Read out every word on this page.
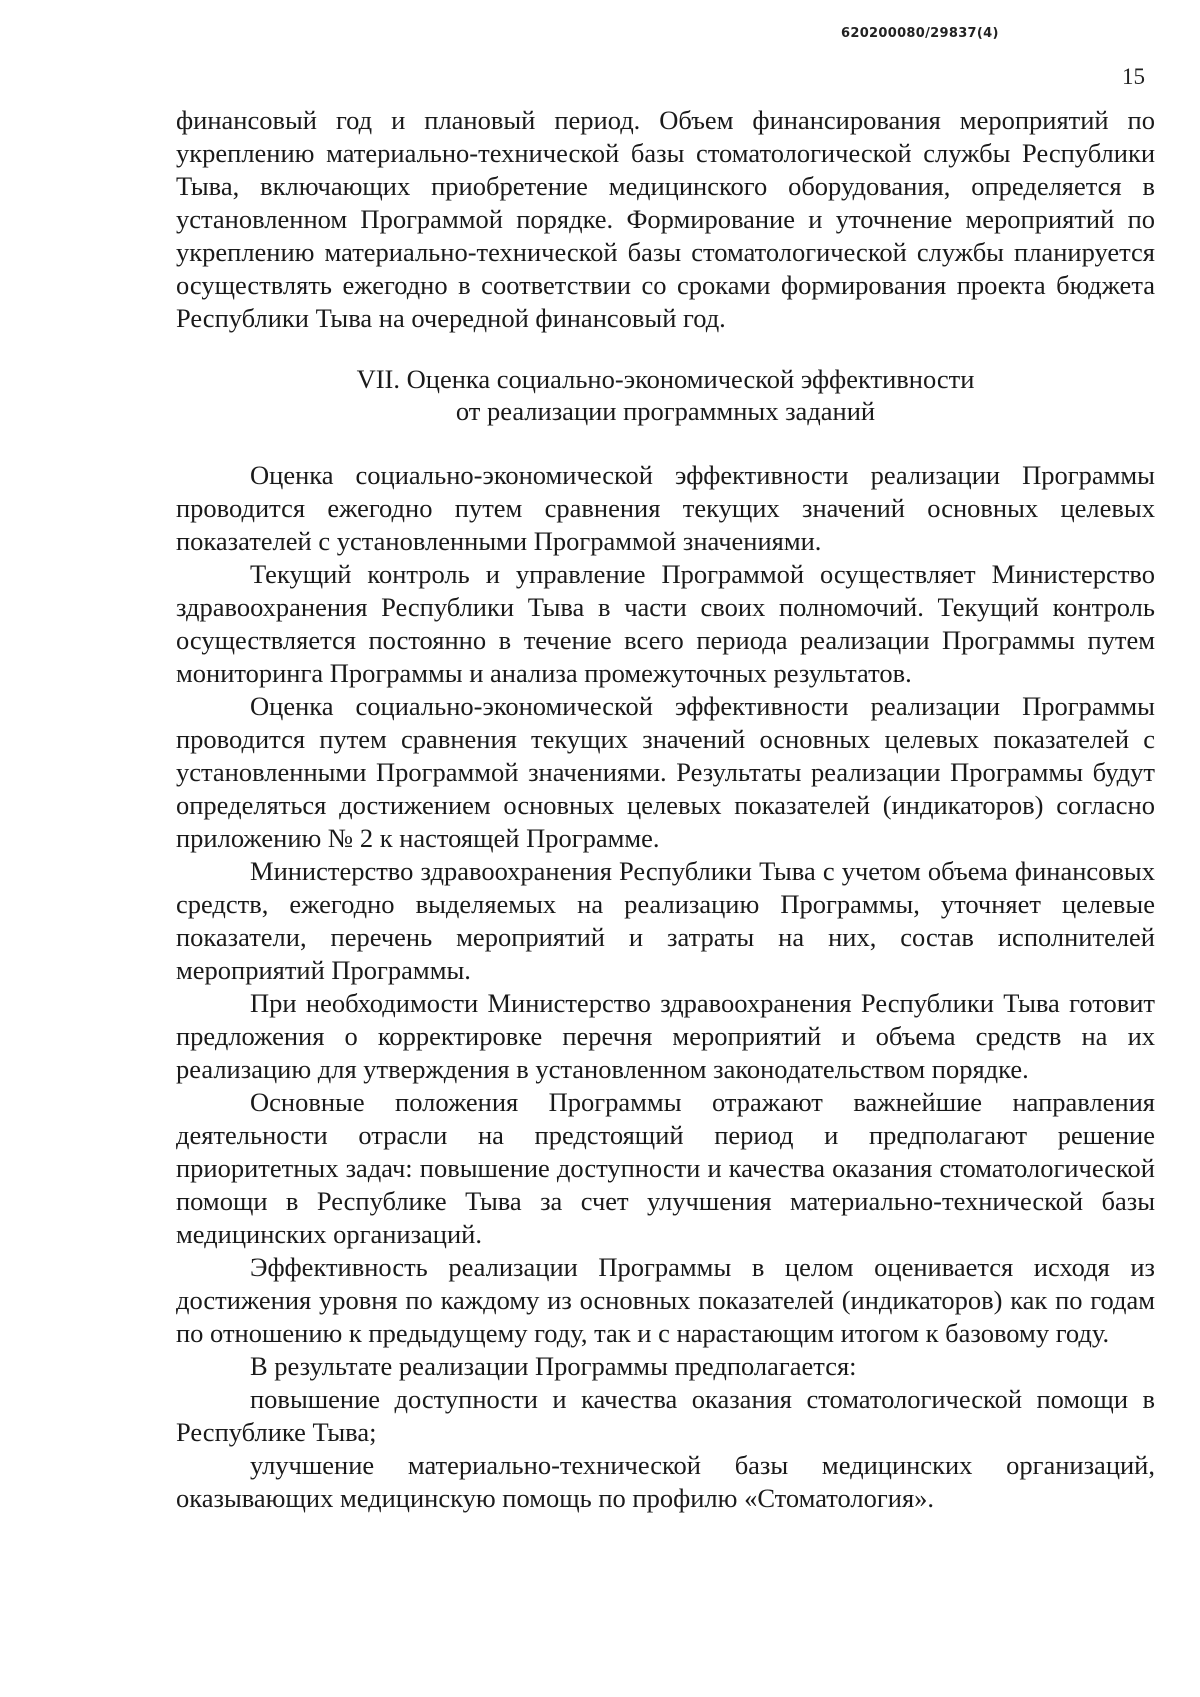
620200080/29837(4)
15

финансовый год и плановый период. Объем финансирования мероприятий по укреплению материально-технической базы стоматологической службы Республики Тыва, включающих приобретение медицинского оборудования, определяется в установленном Программой порядке. Формирование и уточнение мероприятий по укреплению материально-технической базы стоматологической службы планируется осуществлять ежегодно в соответствии со сроками формирования проекта бюджета Республики Тыва на очередной финансовый год.

VII. Оценка социально-экономической эффективности
от реализации программных заданий

Оценка социально-экономической эффективности реализации Программы проводится ежегодно путем сравнения текущих значений основных целевых показателей с установленными Программой значениями.

Текущий контроль и управление Программой осуществляет Министерство здравоохранения Республики Тыва в части своих полномочий. Текущий контроль осуществляется постоянно в течение всего периода реализации Программы путем мониторинга Программы и анализа промежуточных результатов.

Оценка социально-экономической эффективности реализации Программы проводится путем сравнения текущих значений основных целевых показателей с установленными Программой значениями. Результаты реализации Программы будут определяться достижением основных целевых показателей (индикаторов) согласно приложению № 2 к настоящей Программе.

Министерство здравоохранения Республики Тыва с учетом объема финансовых средств, ежегодно выделяемых на реализацию Программы, уточняет целевые показатели, перечень мероприятий и затраты на них, состав исполнителей мероприятий Программы.

При необходимости Министерство здравоохранения Республики Тыва готовит предложения о корректировке перечня мероприятий и объема средств на их реализацию для утверждения в установленном законодательством порядке.

Основные положения Программы отражают важнейшие направления деятельности отрасли на предстоящий период и предполагают решение приоритетных задач: повышение доступности и качества оказания стоматологической помощи в Республике Тыва за счет улучшения материально-технической базы медицинских организаций.

Эффективность реализации Программы в целом оценивается исходя из достижения уровня по каждому из основных показателей (индикаторов) как по годам по отношению к предыдущему году, так и с нарастающим итогом к базовому году.

В результате реализации Программы предполагается:

повышение доступности и качества оказания стоматологической помощи в Республике Тыва;

улучшение материально-технической базы медицинских организаций, оказывающих медицинскую помощь по профилю «Стоматология».
